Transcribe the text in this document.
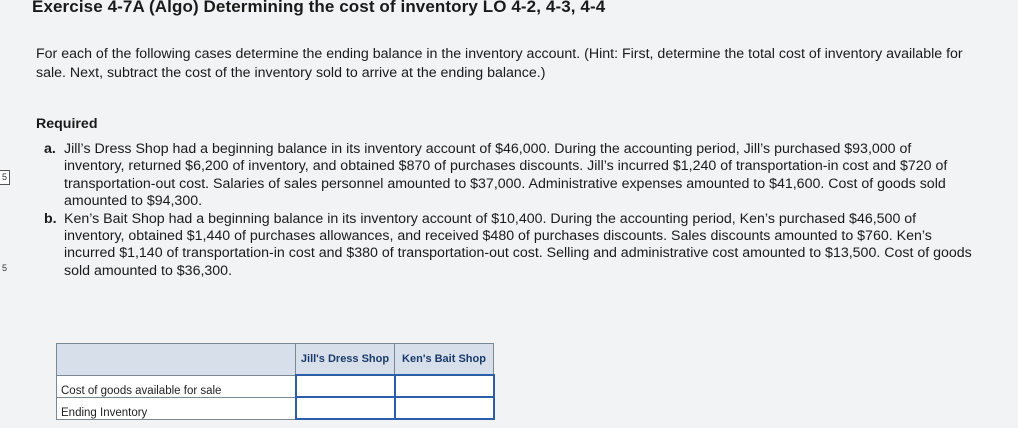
5
5
Exercise 4-7A (Algo) Determining the cost of inventory LO 4-2, 4-3, 4-4
For each of the following cases determine the ending balance in the inventory account. (Hint: First, determine the total cost of inventory available for sale. Next, subtract the cost of the inventory sold to arrive at the ending balance.)
Required
a. Jill’s Dress Shop had a beginning balance in its inventory account of $46,000. During the accounting period, Jill’s purchased $93,000 of inventory, returned $6,200 of inventory, and obtained $870 of purchases discounts. Jill’s incurred $1,240 of transportation-in cost and $720 of transportation-out cost. Salaries of sales personnel amounted to $37,000. Administrative expenses amounted to $41,600. Cost of goods sold amounted to $94,300.
b. Ken’s Bait Shop had a beginning balance in its inventory account of $10,400. During the accounting period, Ken’s purchased $46,500 of inventory, obtained $1,440 of purchases allowances, and received $480 of purchases discounts. Sales discounts amounted to $760. Ken’s incurred $1,140 of transportation-in cost and $380 of transportation-out cost. Selling and administrative cost amounted to $13,500. Cost of goods sold amounted to $36,300.
	Jill's Dress Shop	Ken's Bait Shop
Cost of goods available for sale		
Ending Inventory		
